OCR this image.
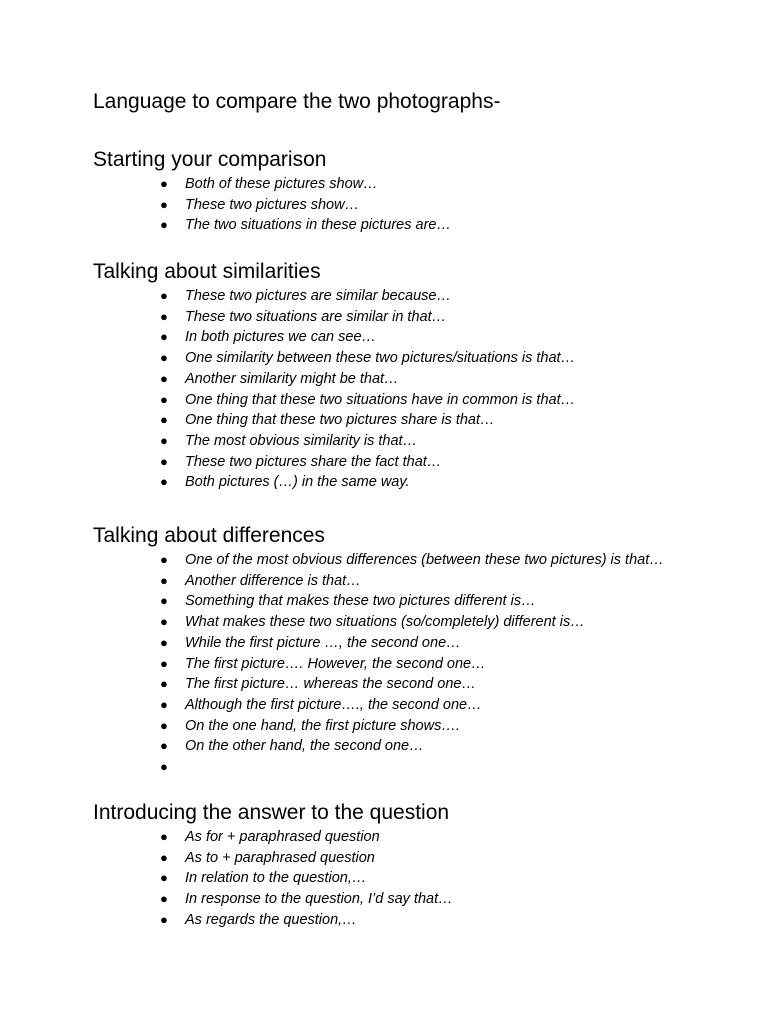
Language to compare the two photographs-
Starting your comparison
● Both of these pictures show…
● These two pictures show…
● The two situations in these pictures are…
Talking about similarities
● These two pictures are similar because…
● These two situations are similar in that…
● In both pictures we can see…
● One similarity between these two pictures/situations is that…
● Another similarity might be that…
● One thing that these two situations have in common is that…
● One thing that these two pictures share is that…
● The most obvious similarity is that…
● These two pictures share the fact that…
● Both pictures (…) in the same way.
Talking about differences
● One of the most obvious differences (between these two pictures) is that…
● Another difference is that…
● Something that makes these two pictures different is…
● What makes these two situations (so/completely) different is…
● While the first picture …, the second one…
● The first picture…. However, the second one…
● The first picture… whereas the second one…
● Although the first picture…., the second one…
● On the one hand, the first picture shows….
● On the other hand, the second one…
●

Introducing the answer to the question
● As for + paraphrased question
● As to + paraphrased question
● In relation to the question,…
● In response to the question, I’d say that…
● As regards the question,…
